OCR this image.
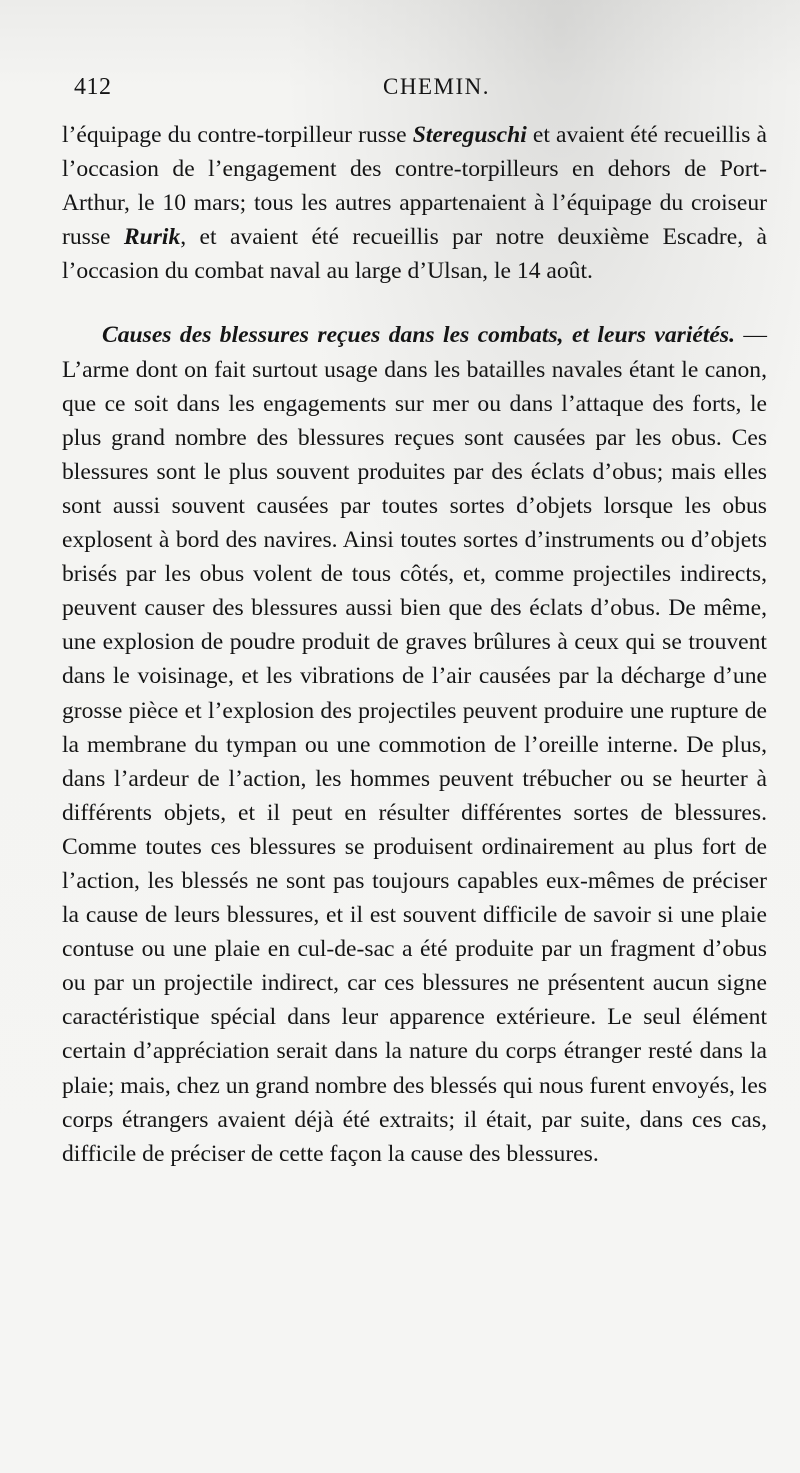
412	CHEMIN.

l’équipage du contre-torpilleur russe Stereguschi et avaient été recueillis à l’occasion de l’engagement des contre-torpilleurs en dehors de Port-Arthur, le 10 mars; tous les autres appartenaient à l’équipage du croiseur russe Rurik, et avaient été recueillis par notre deuxième Escadre, à l’occasion du combat naval au large d’Ulsan, le 14 août.

Causes des blessures reçues dans les combats, et leurs variétés. — L’arme dont on fait surtout usage dans les batailles navales étant le canon, que ce soit dans les engagements sur mer ou dans l’attaque des forts, le plus grand nombre des blessures reçues sont causées par les obus. Ces blessures sont le plus souvent produites par des éclats d’obus; mais elles sont aussi souvent causées par toutes sortes d’objets lorsque les obus explosent à bord des navires. Ainsi toutes sortes d’instruments ou d’objets brisés par les obus volent de tous côtés, et, comme projectiles indirects, peuvent causer des blessures aussi bien que des éclats d’obus. De même, une explosion de poudre produit de graves brûlures à ceux qui se trouvent dans le voisinage, et les vibrations de l’air causées par la décharge d’une grosse pièce et l’explosion des projectiles peuvent produire une rupture de la membrane du tympan ou une commotion de l’oreille interne. De plus, dans l’ardeur de l’action, les hommes peuvent trébucher ou se heurter à différents objets, et il peut en résulter différentes sortes de blessures. Comme toutes ces blessures se produisent ordinairement au plus fort de l’action, les blessés ne sont pas toujours capables eux-mêmes de préciser la cause de leurs blessures, et il est souvent difficile de savoir si une plaie contuse ou une plaie en cul-de-sac a été produite par un fragment d’obus ou par un projectile indirect, car ces blessures ne présentent aucun signe caractéristique spécial dans leur apparence extérieure. Le seul élément certain d’appréciation serait dans la nature du corps étranger resté dans la plaie; mais, chez un grand nombre des blessés qui nous furent envoyés, les corps étrangers avaient déjà été extraits; il était, par suite, dans ces cas, difficile de préciser de cette façon la cause des blessures.
